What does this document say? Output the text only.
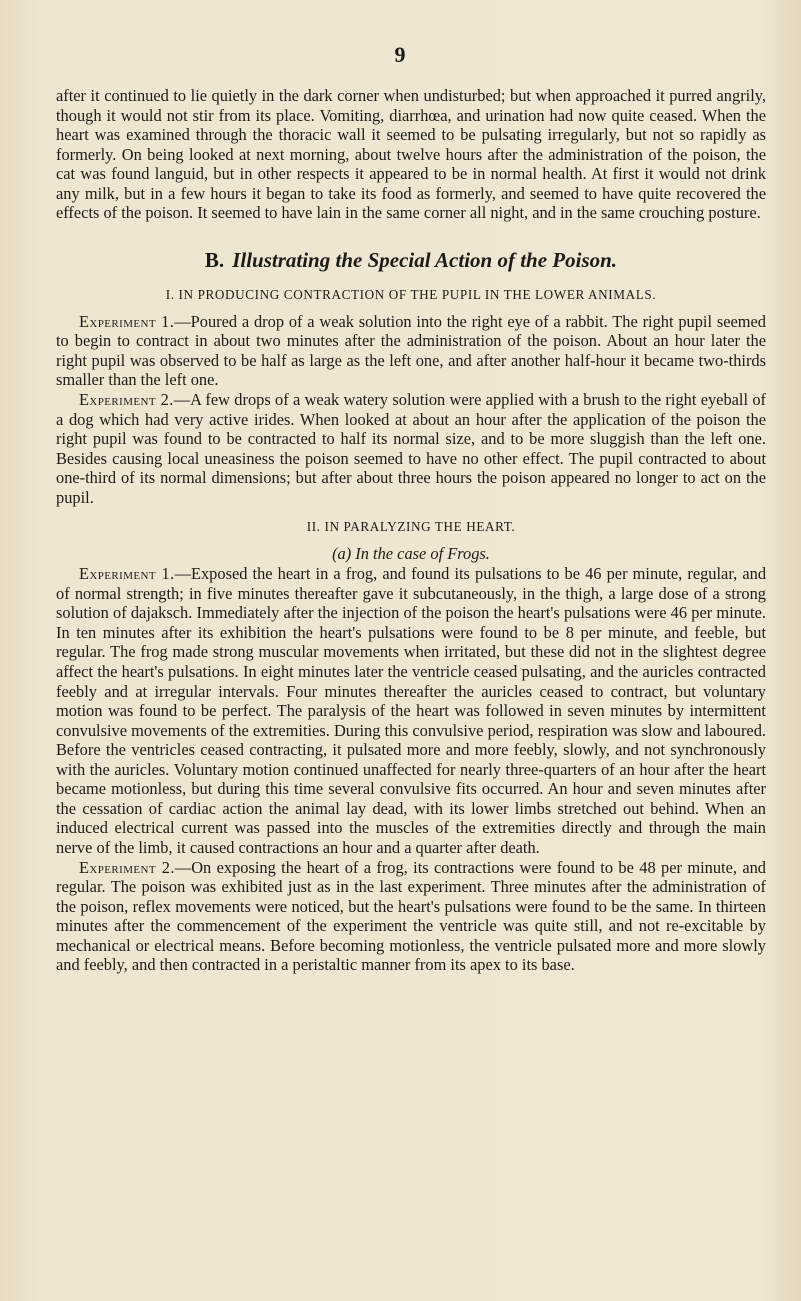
9

after it continued to lie quietly in the dark corner when undisturbed; but when approached it purred angrily, though it would not stir from its place. Vomiting, diarrhœa, and urination had now quite ceased. When the heart was examined through the thoracic wall it seemed to be pulsating irregularly, but not so rapidly as formerly. On being looked at next morning, about twelve hours after the administration of the poison, the cat was found languid, but in other respects it appeared to be in normal health. At first it would not drink any milk, but in a few hours it began to take its food as formerly, and seemed to have quite recovered the effects of the poison. It seemed to have lain in the same corner all night, and in the same crouching posture.

B. Illustrating the Special Action of the Poison.
I. IN PRODUCING CONTRACTION OF THE PUPIL IN THE LOWER ANIMALS.

Experiment 1.—Poured a drop of a weak solution into the right eye of a rabbit. The right pupil seemed to begin to contract in about two minutes after the administration of the poison. About an hour later the right pupil was observed to be half as large as the left one, and after another half-hour it became two-thirds smaller than the left one.

Experiment 2.—A few drops of a weak watery solution were applied with a brush to the right eyeball of a dog which had very active irides. When looked at about an hour after the application of the poison the right pupil was found to be contracted to half its normal size, and to be more sluggish than the left one. Besides causing local uneasiness the poison seemed to have no other effect. The pupil contracted to about one-third of its normal dimensions; but after about three hours the poison appeared no longer to act on the pupil.

II. IN PARALYZING THE HEART.
(a) In the case of Frogs.

Experiment 1.—Exposed the heart in a frog, and found its pulsations to be 46 per minute, regular, and of normal strength; in five minutes thereafter gave it subcutaneously, in the thigh, a large dose of a strong solution of dajaksch. Immediately after the injection of the poison the heart's pulsations were 46 per minute. In ten minutes after its exhibition the heart's pulsations were found to be 8 per minute, and feeble, but regular. The frog made strong muscular movements when irritated, but these did not in the slightest degree affect the heart's pulsations. In eight minutes later the ventricle ceased pulsating, and the auricles contracted feebly and at irregular intervals. Four minutes thereafter the auricles ceased to contract, but voluntary motion was found to be perfect. The paralysis of the heart was followed in seven minutes by intermittent convulsive movements of the extremities. During this convulsive period, respiration was slow and laboured. Before the ventricles ceased contracting, it pulsated more and more feebly, slowly, and not synchronously with the auricles. Voluntary motion continued unaffected for nearly three-quarters of an hour after the heart became motionless, but during this time several convulsive fits occurred. An hour and seven minutes after the cessation of cardiac action the animal lay dead, with its lower limbs stretched out behind. When an induced electrical current was passed into the muscles of the extremities directly and through the main nerve of the limb, it caused contractions an hour and a quarter after death.

Experiment 2.—On exposing the heart of a frog, its contractions were found to be 48 per minute, and regular. The poison was exhibited just as in the last experiment. Three minutes after the administration of the poison, reflex movements were noticed, but the heart's pulsations were found to be the same. In thirteen minutes after the commencement of the experiment the ventricle was quite still, and not re-excitable by mechanical or electrical means. Before becoming motionless, the ventricle pulsated more and more slowly and feebly, and then contracted in a peristaltic manner from its apex to its base.
